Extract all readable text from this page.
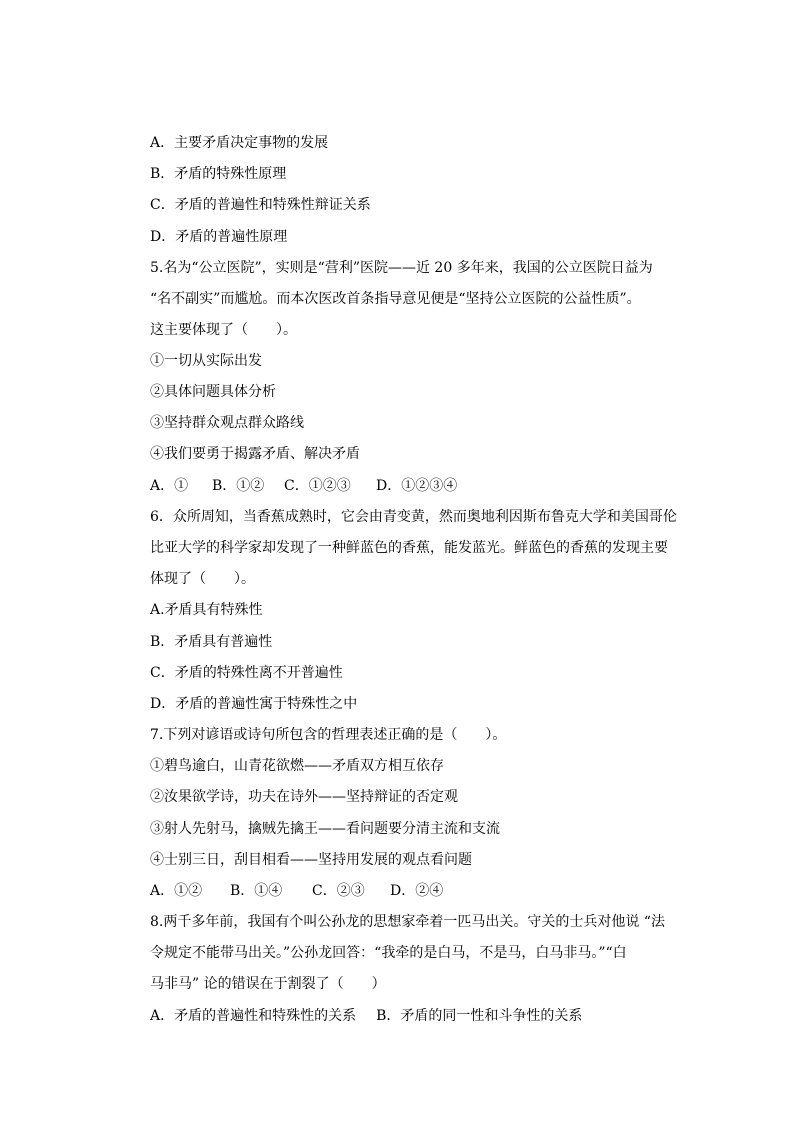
A．主要矛盾决定事物的发展
B．矛盾的特殊性原理
C．矛盾的普遍性和特殊性辩证关系
D．矛盾的普遍性原理
5.名为“公立医院”，实则是“营利”医院——近 20 多年来，我国的公立医院日益为
“名不副实”而尴尬。而本次医改首条指导意见便是“坚持公立医院的公益性质”。
这主要体现了（　　）。
①一切从实际出发
②具体问题具体分析
③坚持群众观点群众路线
④我们要勇于揭露矛盾、解决矛盾
A．① B．①② C．①②③ D．①②③④
6．众所周知，当香蕉成熟时，它会由青变黄，然而奥地利因斯布鲁克大学和美国哥伦
比亚大学的科学家却发现了一种鲜蓝色的香蕉，能发蓝光。鲜蓝色的香蕉的发现主要
体现了（　　）。
A.矛盾具有特殊性
B．矛盾具有普遍性
C．矛盾的特殊性离不开普遍性
D．矛盾的普遍性寓于特殊性之中
7.下列对谚语或诗句所包含的哲理表述正确的是（　　）。
①碧鸟逾白，山青花欲燃——矛盾双方相互依存
②汝果欲学诗，功夫在诗外——坚持辩证的否定观
③射人先射马，擒贼先擒王——看问题要分清主流和支流
④士别三日，刮目相看——坚持用发展的观点看问题
A．①② B．①④ C．②③ D．②④
8.两千多年前，我国有个叫公孙龙的思想家牵着一匹马出关。守关的士兵对他说 “法
令规定不能带马出关。”公孙龙回答：“我牵的是白马，不是马，白马非马。”“白
马非马” 论的错误在于割裂了（　　）
A．矛盾的普遍性和特殊性的关系 B．矛盾的同一性和斗争性的关系
